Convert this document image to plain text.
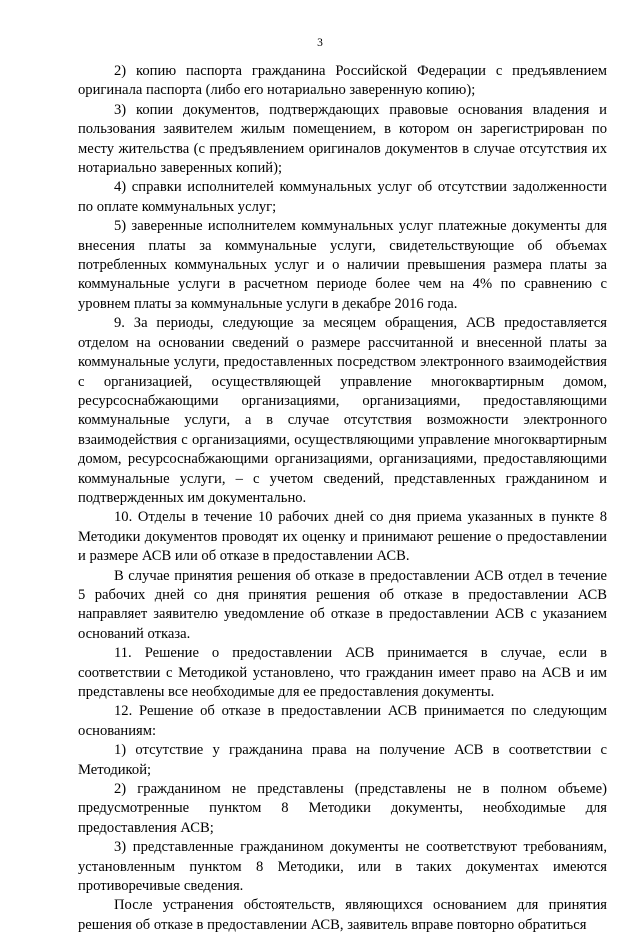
3

2) копию паспорта гражданина Российской Федерации с предъявлением оригинала паспорта (либо его нотариально заверенную копию);

3) копии документов, подтверждающих правовые основания владения и пользования заявителем жилым помещением, в котором он зарегистрирован по месту жительства (с предъявлением оригиналов документов в случае отсутствия их нотариально заверенных копий);

4) справки исполнителей коммунальных услуг об отсутствии задолженности по оплате коммунальных услуг;

5) заверенные исполнителем коммунальных услуг платежные документы для внесения платы за коммунальные услуги, свидетельствующие об объемах потребленных коммунальных услуг и о наличии превышения размера платы за коммунальные услуги в расчетном периоде более чем на 4% по сравнению с уровнем платы за коммунальные услуги в декабре 2016 года.

9. За периоды, следующие за месяцем обращения, АСВ предоставляется отделом на основании сведений о размере рассчитанной и внесенной платы за коммунальные услуги, предоставленных посредством электронного взаимодействия с организацией, осуществляющей управление многоквартирным домом, ресурсоснабжающими организациями, организациями, предоставляющими коммунальные услуги, а в случае отсутствия возможности электронного взаимодействия с организациями, осуществляющими управление многоквартирным домом, ресурсоснабжающими организациями, организациями, предоставляющими коммунальные услуги, – с учетом сведений, представленных гражданином и подтвержденных им документально.

10. Отделы в течение 10 рабочих дней со дня приема указанных в пункте 8 Методики документов проводят их оценку и принимают решение о предоставлении и размере АСВ или об отказе в предоставлении АСВ.

В случае принятия решения об отказе в предоставлении АСВ отдел в течение 5 рабочих дней со дня принятия решения об отказе в предоставлении АСВ направляет заявителю уведомление об отказе в предоставлении АСВ с указанием оснований отказа.

11. Решение о предоставлении АСВ принимается в случае, если в соответствии с Методикой установлено, что гражданин имеет право на АСВ и им представлены все необходимые для ее предоставления документы.

12. Решение об отказе в предоставлении АСВ принимается по следующим основаниям:

1) отсутствие у гражданина права на получение АСВ в соответствии с Методикой;

2) гражданином не представлены (представлены не в полном объеме) предусмотренные пунктом 8 Методики документы, необходимые для предоставления АСВ;

3) представленные гражданином документы не соответствуют требованиям, установленным пунктом 8 Методики, или в таких документах имеются противоречивые сведения.

После устранения обстоятельств, являющихся основанием для принятия решения об отказе в предоставлении АСВ, заявитель вправе повторно обратиться
